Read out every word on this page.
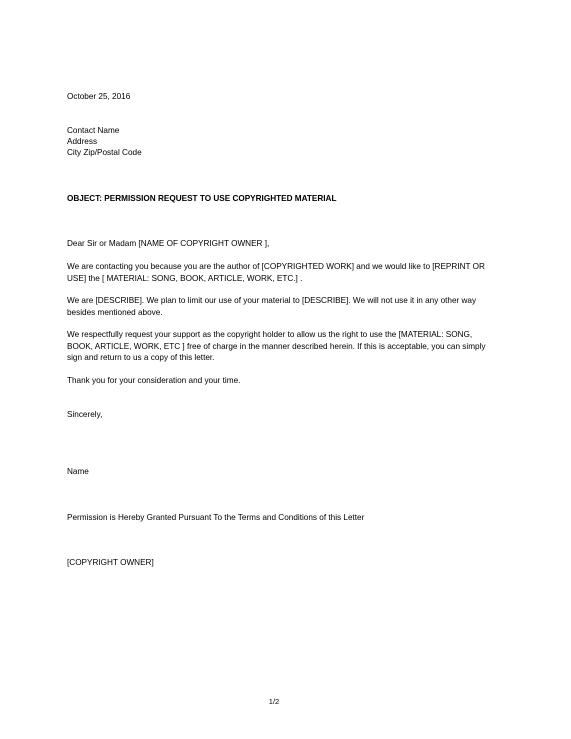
October 25, 2016

Contact Name

Address

City Zip/Postal Code

OBJECT: PERMISSION REQUEST TO USE COPYRIGHTED MATERIAL

Dear Sir or Madam [NAME OF COPYRIGHT OWNER ],

We are contacting you because you are the author of [COPYRIGHTED WORK] and we would like to [REPRINT OR USE] the [ MATERIAL: SONG, BOOK, ARTICLE, WORK, ETC.] .

We are [DESCRIBE]. We plan to limit our use of your material to [DESCRIBE]. We will not use it in any other way besides mentioned above.

We respectfully request your support as the copyright holder to allow us the right to use the [MATERIAL: SONG, BOOK, ARTICLE, WORK, ETC ] free of charge in the manner described herein. If this is acceptable, you can simply sign and return to us a copy of this letter.

Thank you for your consideration and your time.

Sincerely,

Name

Permission is Hereby Granted Pursuant To the Terms and Conditions of this Letter

[COPYRIGHT OWNER]

1/2
